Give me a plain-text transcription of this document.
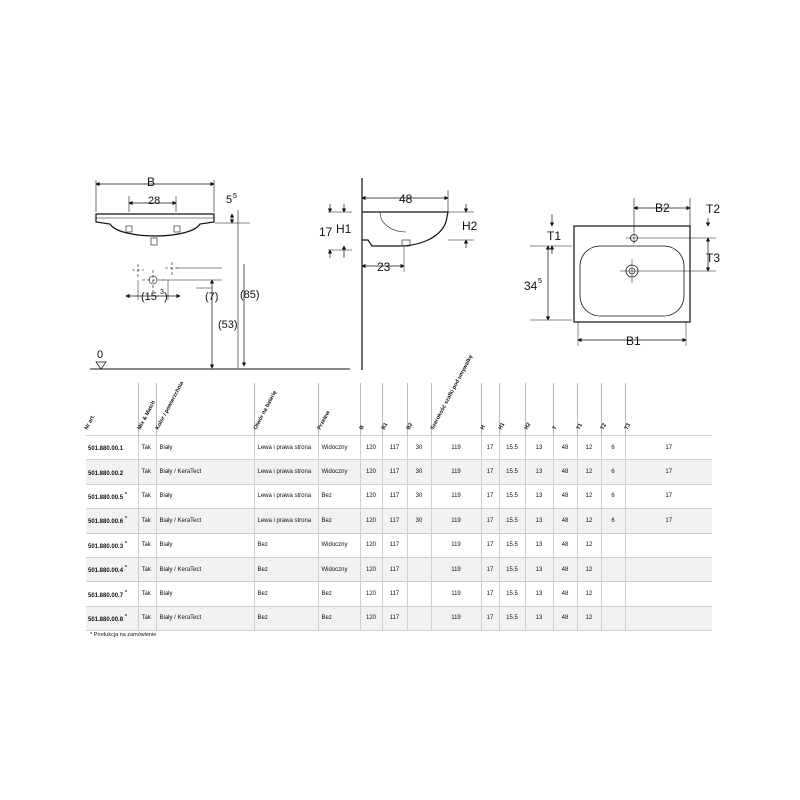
B
28	5 5
(15 3 )	(7) (85)
(53)
0
48
17 H1	H2
23
B2	T2
T1
T3
34 5
B1
Nr art.	Mix & Match	Kolor / powierzchnia	Otwór na baterię	Przelew	B	B1	B2	Szerokość szafki pod umywalkę	H	H1	H2	T	T1	T2	T3

501.880.00.1	Tak	Biały	Lewa i prawa strona	Widoczny	120	117	30	119	17	15.5	13	48	12	6	17
501.880.00.2	Tak	Biały / KeraTect	Lewa i prawa strona	Widoczny	120	117	30	119	17	15.5	13	48	12	6	17
501.880.00.5 *	Tak	Biały	Lewa i prawa strona	Bez	120	117	30	119	17	15.5	13	48	12	6	17
501.880.00.6 *	Tak	Biały / KeraTect	Lewa i prawa strona	Bez	120	117	30	119	17	15.5	13	48	12	6	17
501.880.00.3 *	Tak	Biały	Bez	Widoczny	120	117		119	17	15.5	13	48	12		
501.880.00.4 *	Tak	Biały / KeraTect	Bez	Widoczny	120	117		119	17	15.5	13	48	12		
501.880.00.7 *	Tak	Biały	Bez	Bez	120	117		119	17	15.5	13	48	12		
501.880.00.8 *	Tak	Biały / KeraTect	Bez	Bez	120	117		119	17	15.5	13	48	12		
* Produkcja na zamówienie
